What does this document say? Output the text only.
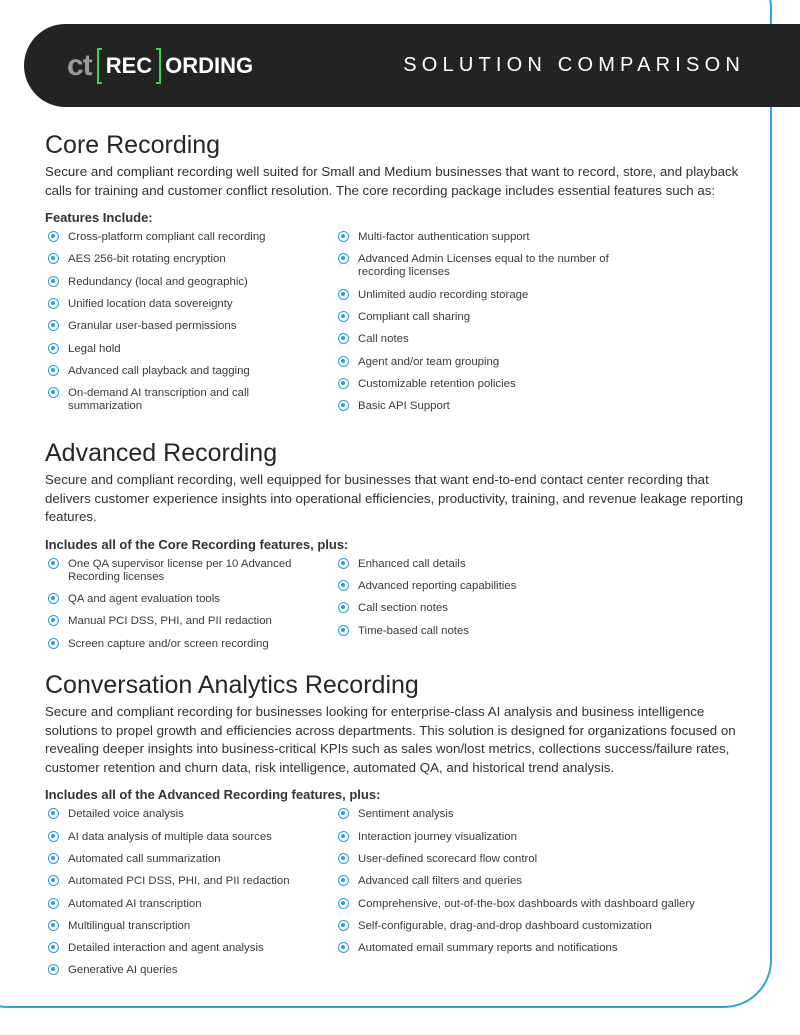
ct REC ORDING	SOLUTION COMPARISON
Core Recording

Secure and compliant recording well suited for Small and Medium businesses that want to record, store, and playback calls for training and customer conflict resolution. The core recording package includes essential features such as:

Features Include:
Cross-platform compliant call recording
AES 256-bit rotating encryption
Redundancy (local and geographic)
Unified location data sovereignty
Granular user-based permissions
Legal hold
Advanced call playback and tagging
On-demand AI transcription and call summarization
Multi-factor authentication support
Advanced Admin Licenses equal to the number of recording licenses
Unlimited audio recording storage
Compliant call sharing
Call notes
Agent and/or team grouping
Customizable retention policies
Basic API Support
Advanced Recording

Secure and compliant recording, well equipped for businesses that want end-to-end contact center recording that delivers customer experience insights into operational efficiencies, productivity, training, and revenue leakage reporting features.

Includes all of the Core Recording features, plus:
One QA supervisor license per 10 Advanced Recording licenses
QA and agent evaluation tools
Manual PCI DSS, PHI, and PII redaction
Screen capture and/or screen recording
Enhanced call details
Advanced reporting capabilities
Call section notes
Time-based call notes
Conversation Analytics Recording

Secure and compliant recording for businesses looking for enterprise-class AI analysis and business intelligence solutions to propel growth and efficiencies across departments. This solution is designed for organizations focused on revealing deeper insights into business-critical KPIs such as sales won/lost metrics, collections success/failure rates, customer retention and churn data, risk intelligence, automated QA, and historical trend analysis.

Includes all of the Advanced Recording features, plus:
Detailed voice analysis
AI data analysis of multiple data sources
Automated call summarization
Automated PCI DSS, PHI, and PII redaction
Automated AI transcription
Multilingual transcription
Detailed interaction and agent analysis
Generative AI queries
Sentiment analysis
Interaction journey visualization
User-defined scorecard flow control
Advanced call filters and queries
Comprehensive, out-of-the-box dashboards with dashboard gallery
Self-configurable, drag-and-drop dashboard customization
Automated email summary reports and notifications
